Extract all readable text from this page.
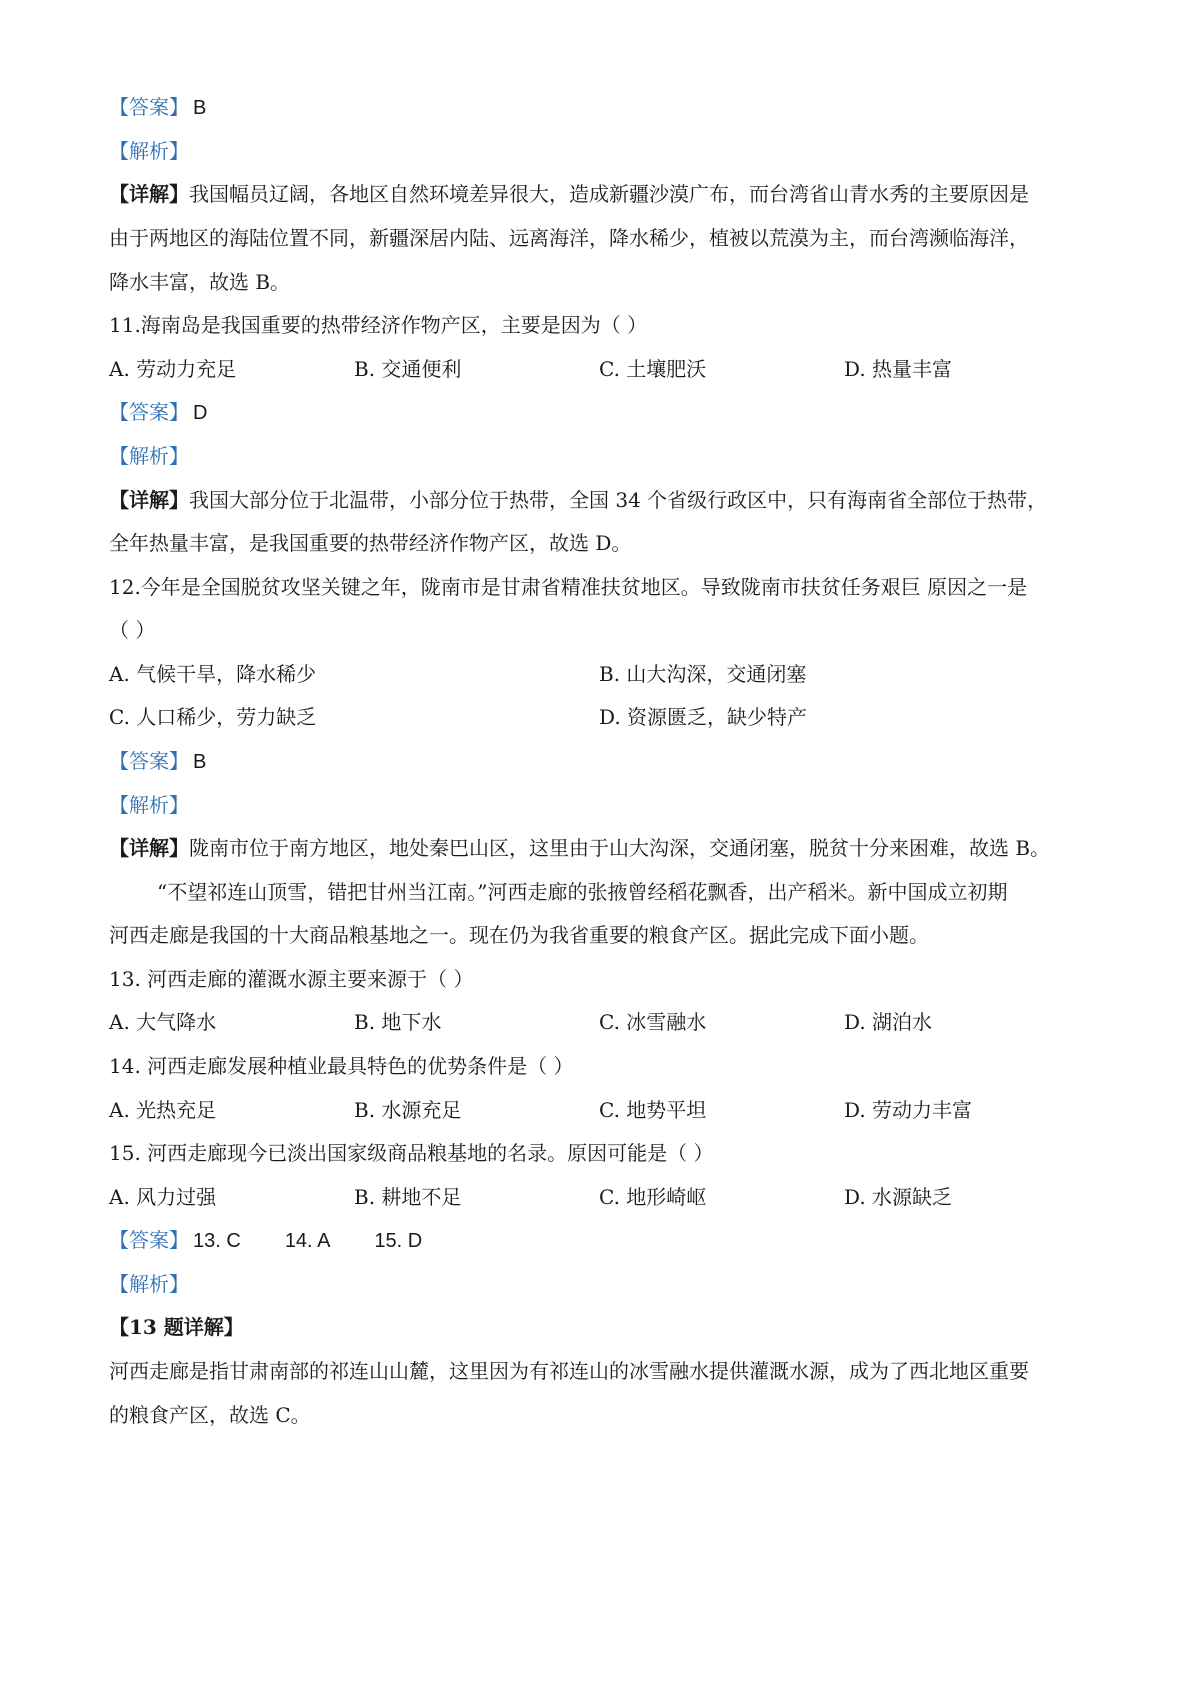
【答案】 B
【解析】
【详解】我国幅员辽阔，各地区自然环境差异很大，造成新疆沙漠广布，而台湾省山青水秀的主要原因是
由于两地区的海陆位置不同，新疆深居内陆、远离海洋，降水稀少，植被以荒漠为主，而台湾濒临海洋，
降水丰富，故选 B。
11.海南岛是我国重要的热带经济作物产区，主要是因为（ ）
A. 劳动力充足	B. 交通便利	C. 土壤肥沃	D. 热量丰富
【答案】 D
【解析】
【详解】我国大部分位于北温带，小部分位于热带，全国 34 个省级行政区中，只有海南省全部位于热带，
全年热量丰富，是我国重要的热带经济作物产区，故选 D。
12.今年是全国脱贫攻坚关键之年，陇南市是甘肃省精准扶贫地区。导致陇南市扶贫任务艰巨 原因之一是
（ ）
A. 气候干旱，降水稀少	B. 山大沟深，交通闭塞
C. 人口稀少，劳力缺乏	D. 资源匮乏，缺少特产
【答案】 B
【解析】
【详解】陇南市位于南方地区，地处秦巴山区，这里由于山大沟深，交通闭塞，脱贫十分来困难，故选 B。
“不望祁连山顶雪，错把甘州当江南。”河西走廊的张掖曾经稻花飘香，出产稻米。新中国成立初期
河西走廊是我国的十大商品粮基地之一。现在仍为我省重要的粮食产区。据此完成下面小题。
13. 河西走廊的灌溉水源主要来源于（ ）
A. 大气降水	B. 地下水	C. 冰雪融水	D. 湖泊水
14. 河西走廊发展种植业最具特色的优势条件是（ ）
A. 光热充足	B. 水源充足	C. 地势平坦	D. 劳动力丰富
15. 河西走廊现今已淡出国家级商品粮基地的名录。原因可能是（ ）
A. 风力过强	B. 耕地不足	C. 地形崎岖	D. 水源缺乏
【答案】 13. C 14. A 15. D
【解析】
【13 题详解】
河西走廊是指甘肃南部的祁连山山麓，这里因为有祁连山的冰雪融水提供灌溉水源，成为了西北地区重要
的粮食产区，故选 C。
